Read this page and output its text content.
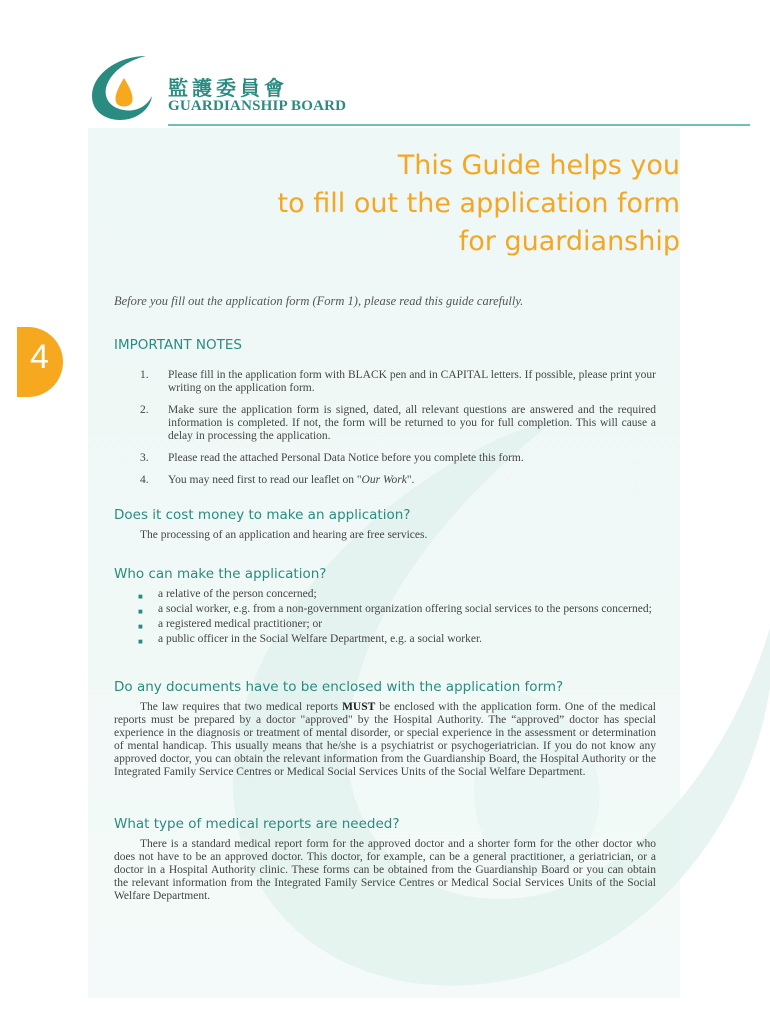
監護委員會
GUARDIANSHIP BOARD
4
This Guide helps you
to fill out the application form
for guardianship
Before you fill out the application form (Form 1), please read this guide carefully.
IMPORTANT NOTES
1.	Please fill in the application form with BLACK pen and in CAPITAL letters. If possible, please print your writing on the application form.
2.	Make sure the application form is signed, dated, all relevant questions are answered and the required information is completed. If not, the form will be returned to you for full completion. This will cause a delay in processing the application.
3.	Please read the attached Personal Data Notice before you complete this form.
4.	You may need first to read our leaflet on "Our Work".
Does it cost money to make an application?

The processing of an application and hearing are free services.

Who can make the application?
■	a relative of the person concerned;
■	a social worker, e.g. from a non-government organization offering social services to the persons concerned;
■	a registered medical practitioner; or
■	a public officer in the Social Welfare Department, e.g. a social worker.
Do any documents have to be enclosed with the application form?

The law requires that two medical reports MUST be enclosed with the application form. One of the medical reports must be prepared by a doctor "approved" by the Hospital Authority. The “approved” doctor has special experience in the diagnosis or treatment of mental disorder, or special experience in the assessment or determination of mental handicap. This usually means that he/she is a psychiatrist or psychogeriatrician. If you do not know any approved doctor, you can obtain the relevant information from the Guardianship Board, the Hospital Authority or the Integrated Family Service Centres or Medical Social Services Units of the Social Welfare Department.

What type of medical reports are needed?

There is a standard medical report form for the approved doctor and a shorter form for the other doctor who does not have to be an approved doctor. This doctor, for example, can be a general practitioner, a geriatrician, or a doctor in a Hospital Authority clinic. These forms can be obtained from the Guardianship Board or you can obtain the relevant information from the Integrated Family Service Centres or Medical Social Services Units of the Social Welfare Department.
